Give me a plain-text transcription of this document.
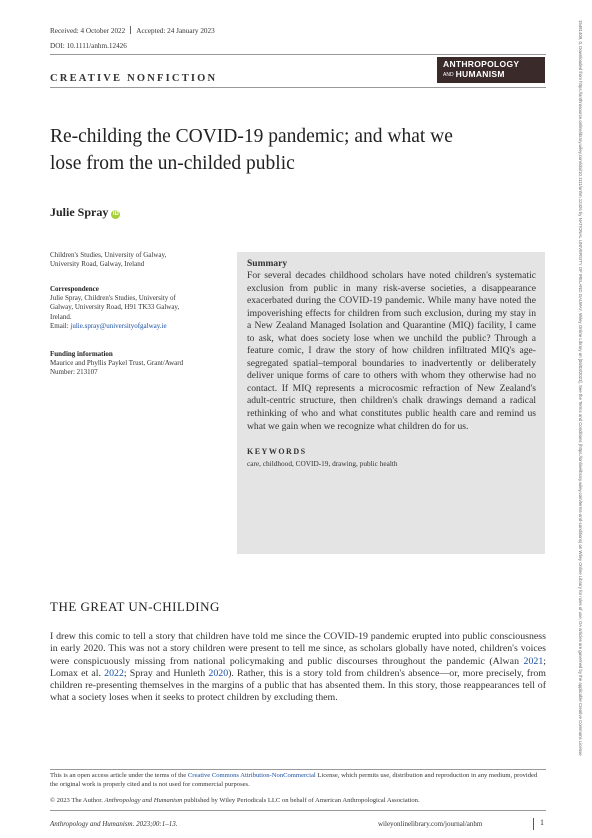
Received: 4 October 2022 Accepted: 24 January 2023
DOI: 10.1111/anhm.12426
CREATIVE NONFICTION
ANTHROPOLOGY
AND HUMANISM
Re-childing the COVID-19 pandemic; and what we
lose from the un-childed public
Julie Spray iD
Children's Studies, University of Galway,
University Road, Galway, Ireland
Correspondence
Julie Spray, Children's Studies, University of
Galway, University Road, H91 TK33 Galway,
Ireland.
Email: julie.spray@universityofgalway.ie
Funding information
Maurice and Phyllis Paykel Trust, Grant/Award
Number: 213107
Summary

For several decades childhood scholars have noted children's systematic exclusion from public in many risk-averse societies, a disappearance exacerbated during the COVID-19 pandemic. While many have noted the impoverishing effects for children from such exclusion, during my stay in a New Zealand Managed Isolation and Quarantine (MIQ) facility, I came to ask, what does society lose when we unchild the public? Through a feature comic, I draw the story of how children infiltrated MIQ's age-segregated spatial–temporal boundaries to inadvertently or deliberately deliver unique forms of care to others with whom they otherwise had no contact. If MIQ represents a microcosmic refraction of New Zealand's adult-centric structure, then children's chalk drawings demand a radical rethinking of who and what constitutes public health care and remind us what we gain when we recognize what children do for us.

KEYWORDS
care, childhood, COVID-19, drawing, public health
THE GREAT UN-CHILDING
I drew this comic to tell a story that children have told me since the COVID-19 pandemic erupted into public consciousness in early 2020. This was not a story children were present to tell me since, as scholars globally have noted, children's voices were conspicuously missing from national policymaking and public discourses throughout the pandemic (Alwan 2021; Lomax et al. 2022; Spray and Hunleth 2020). Rather, this is a story told from children's absence—or, more precisely, from children re-presenting themselves in the margins of a public that has absented them. In this story, those reappearances tell of what a society loses when it seeks to protect children by excluding them.
This is an open access article under the terms of the Creative Commons Attribution-NonCommercial License, which permits use, distribution and reproduction in any medium, provided the original work is properly cited and is not used for commercial purposes.
© 2023 The Author. Anthropology and Humanism published by Wiley Periodicals LLC on behalf of American Anthropological Association.
Anthropology and Humanism. 2023;00:1–13.	wileyonlinelibrary.com/journal/anhm	1
15481409, 0, Downloaded from https://anthrosource.onlinelibrary.wiley.com/doi/10.1111/anhm.12426 by NATIONAL UNIVERSITY OF IRELAND GALWAY, Wiley Online Library on [06/03/2023]. See the Terms and Conditions (https://onlinelibrary.wiley.com/terms-and-conditions) on Wiley Online Library for rules of use; OA articles are governed by the applicable Creative Commons License
